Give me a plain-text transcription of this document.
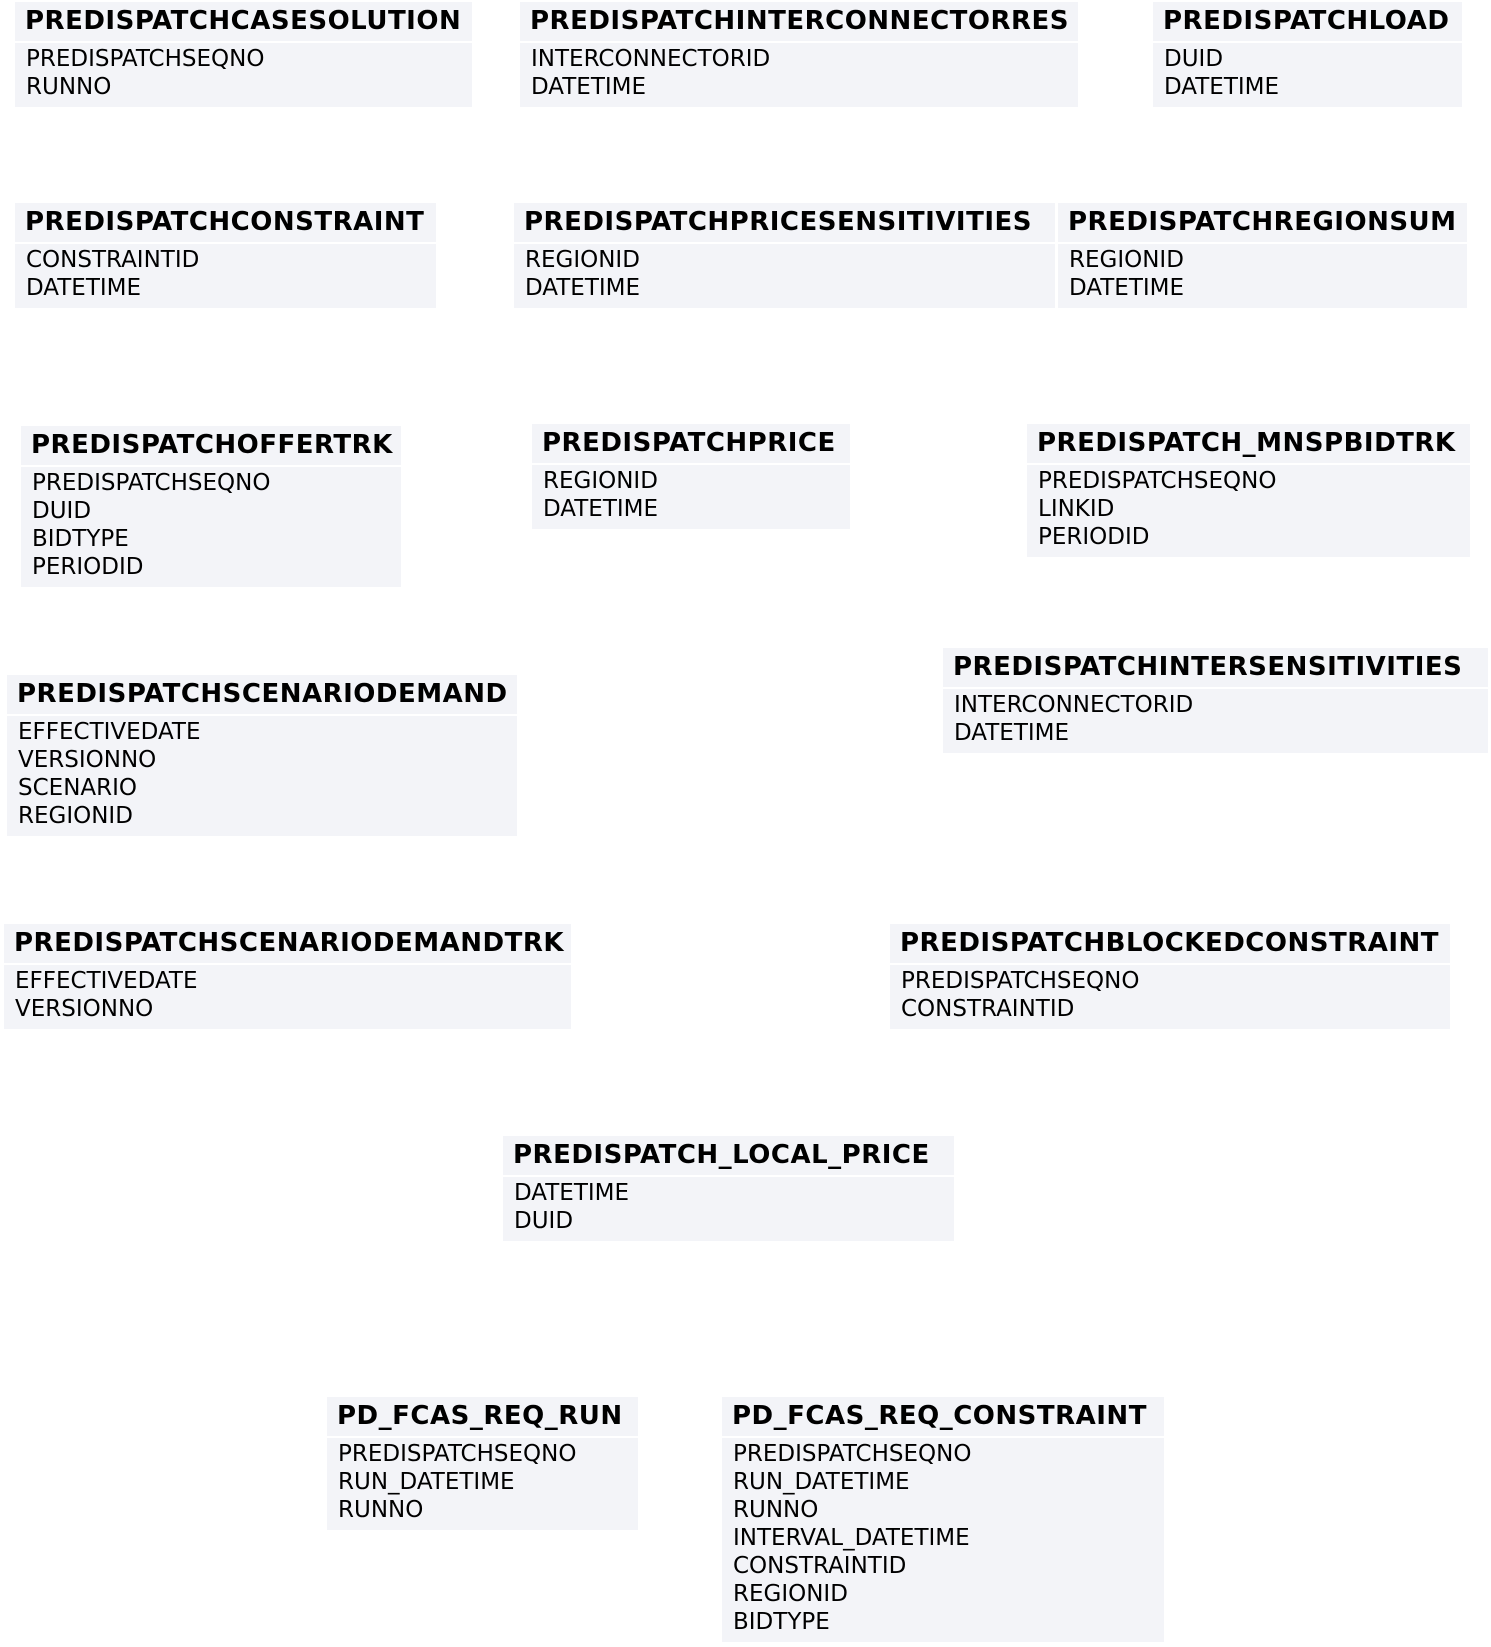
PREDISPATCHCASESOLUTION
PREDISPATCHSEQNO
RUNNO
PREDISPATCHINTERCONNECTORRES
INTERCONNECTORID
DATETIME
PREDISPATCHLOAD
DUID
DATETIME
PREDISPATCHCONSTRAINT
CONSTRAINTID
DATETIME
PREDISPATCHPRICESENSITIVITIES
REGIONID
DATETIME
PREDISPATCHREGIONSUM
REGIONID
DATETIME
PREDISPATCHOFFERTRK
PREDISPATCHSEQNO
DUID
BIDTYPE
PERIODID
PREDISPATCHPRICE
REGIONID
DATETIME
PREDISPATCH_MNSPBIDTRK
PREDISPATCHSEQNO
LINKID
PERIODID
PREDISPATCHINTERSENSITIVITIES
INTERCONNECTORID
DATETIME
PREDISPATCHSCENARIODEMAND
EFFECTIVEDATE
VERSIONNO
SCENARIO
REGIONID
PREDISPATCHSCENARIODEMANDTRK
EFFECTIVEDATE
VERSIONNO
PREDISPATCHBLOCKEDCONSTRAINT
PREDISPATCHSEQNO
CONSTRAINTID
PREDISPATCH_LOCAL_PRICE
DATETIME
DUID
PD_FCAS_REQ_RUN
PREDISPATCHSEQNO
RUN_DATETIME
RUNNO
PD_FCAS_REQ_CONSTRAINT
PREDISPATCHSEQNO
RUN_DATETIME
RUNNO
INTERVAL_DATETIME
CONSTRAINTID
REGIONID
BIDTYPE
